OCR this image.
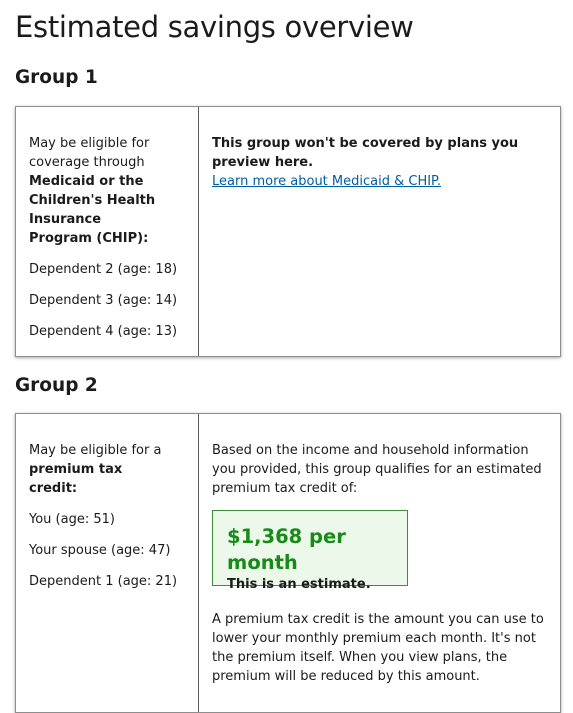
Estimated savings overview
Group 1
May be eligible for coverage through Medicaid or the Children's Health Insurance Program (CHIP):
Dependent 2 (age: 18)
Dependent 3 (age: 14)
Dependent 4 (age: 13)
This group won't be covered by plans you preview here.
Learn more about Medicaid & CHIP.
Group 2
May be eligible for a premium tax credit:
You (age: 51)
Your spouse (age: 47)
Dependent 1 (age: 21)
Based on the income and household information you provided, this group qualifies for an estimated premium tax credit of:
$1,368 per month
This is an estimate.
A premium tax credit is the amount you can use to lower your monthly premium each month. It's not the premium itself. When you view plans, the premium will be reduced by this amount.
